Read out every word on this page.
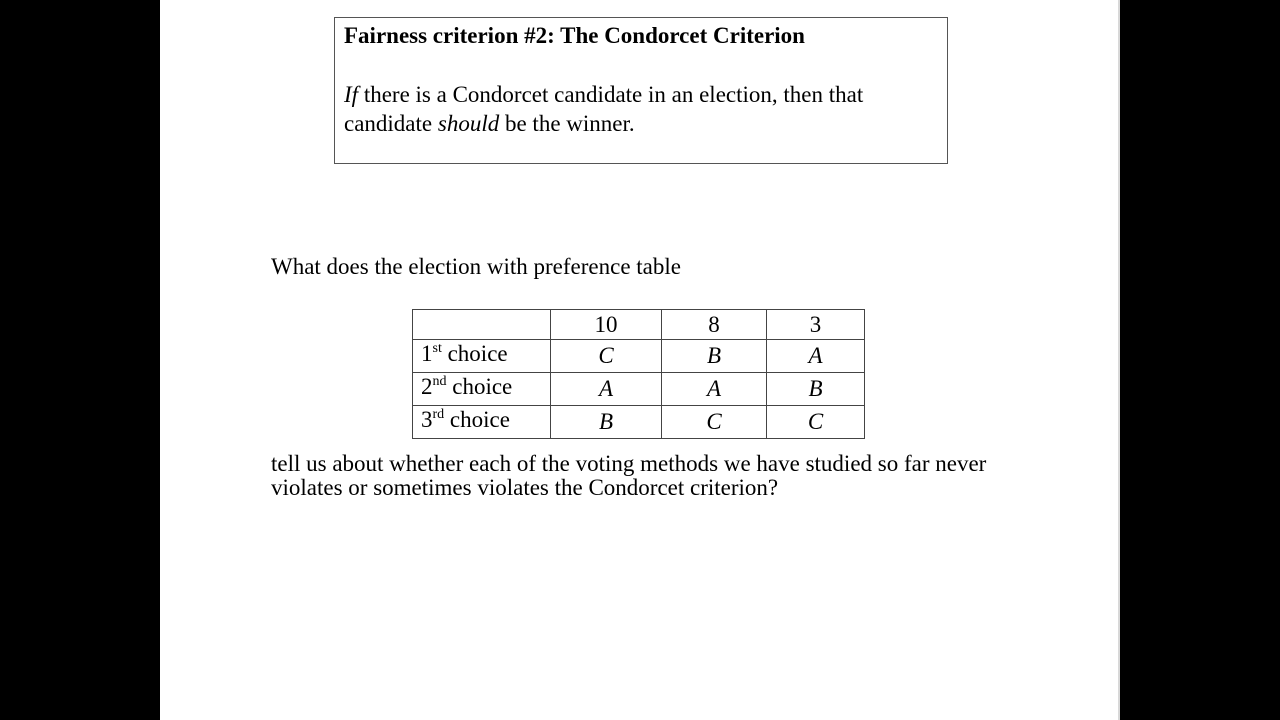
Fairness criterion #2: The Condorcet Criterion

If there is a Condorcet candidate in an election, then that candidate should be the winner.

What does the election with preference table

	10	8	3
1st choice	C	B	A
2nd choice	A	A	B
3rd choice	B	C	C

tell us about whether each of the voting methods we have studied so far never violates or sometimes violates the Condorcet criterion?
